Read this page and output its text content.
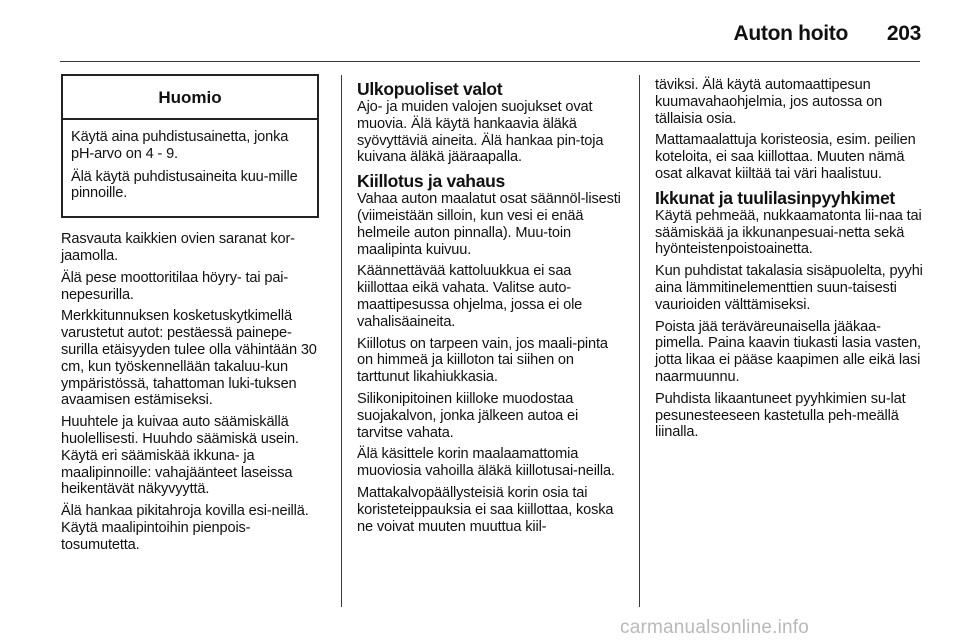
Auton hoito 203
Huomio

Käytä aina puhdistusainetta, jonka pH-arvo on 4 - 9.

Älä käytä puhdistusaineita kuu-mille pinnoille.

Rasvauta kaikkien ovien saranat kor-jaamolla.

Älä pese moottoritilaa höyry- tai pai-nepesurilla.

Merkkitunnuksen kosketuskytkimellä varustetut autot: pestäessä painepe-surilla etäisyyden tulee olla vähintään 30 cm, kun työskennellään takaluu-kun ympäristössä, tahattoman luki-tuksen avaamisen estämiseksi.

Huuhtele ja kuivaa auto säämiskällä huolellisesti. Huuhdo säämiskä usein. Käytä eri säämiskää ikkuna- ja maalipinnoille: vahajäänteet laseissa heikentävät näkyvyyttä.

Älä hankaa pikitahroja kovilla esi-neillä. Käytä maalipintoihin pienpois-tosumutetta.

Ulkopuoliset valot

Ajo- ja muiden valojen suojukset ovat muovia. Älä käytä hankaavia äläkä syövyttäviä aineita. Älä hankaa pin-toja kuivana äläkä jääraapalla.

Kiillotus ja vahaus

Vahaa auton maalatut osat säännöl-lisesti (viimeistään silloin, kun vesi ei enää helmeile auton pinnalla). Muu-toin maalipinta kuivuu.

Käännettävää kattoluukkua ei saa kiillottaa eikä vahata. Valitse auto-maattipesussa ohjelma, jossa ei ole vahalisäaineita.

Kiillotus on tarpeen vain, jos maali-pinta on himmeä ja kiilloton tai siihen on tarttunut likahiukkasia.

Silikonipitoinen kiilloke muodostaa suojakalvon, jonka jälkeen autoa ei tarvitse vahata.

Älä käsittele korin maalaamattomia muoviosia vahoilla äläkä kiillotusai-neilla.

Mattakalvopäällysteisiä korin osia tai koristeteippauksia ei saa kiillottaa, koska ne voivat muuten muuttua kiil-

täviksi. Älä käytä automaattipesun kuumavahaohjelmia, jos autossa on tällaisia osia.

Mattamaalattuja koristeosia, esim. peilien koteloita, ei saa kiillottaa. Muuten nämä osat alkavat kiiltää tai väri haalistuu.

Ikkunat ja tuulilasinpyyhkimet

Käytä pehmeää, nukkaamatonta lii-naa tai säämiskää ja ikkunanpesuai-netta sekä hyönteistenpoistoainetta.

Kun puhdistat takalasia sisäpuolelta, pyyhi aina lämmitinelementtien suun-taisesti vaurioiden välttämiseksi.

Poista jää teräväreunaisella jääkaa-pimella. Paina kaavin tiukasti lasia vasten, jotta likaa ei pääse kaapimen alle eikä lasi naarmuunnu.

Puhdista likaantuneet pyyhkimien su-lat pesunesteeseen kastetulla peh-meällä liinalla.

carmanualsonline.info
